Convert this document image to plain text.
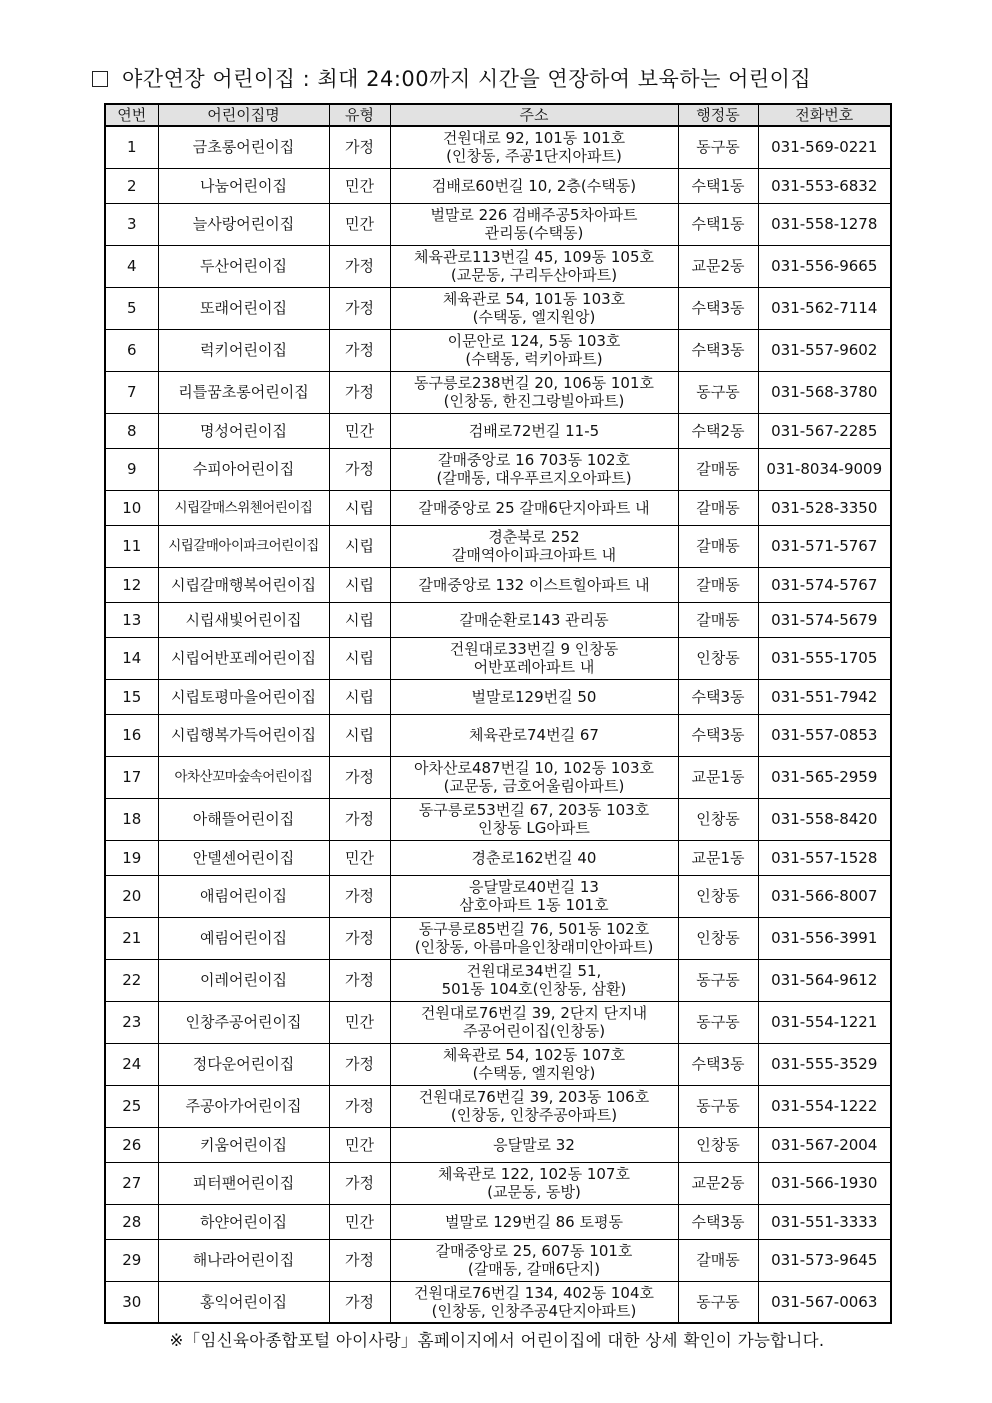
야간연장 어린이집 : 최대 24:00까지 시간을 연장하여 보육하는 어린이집
연번	어린이집명	유형	주소	행정동	전화번호
1	금초롱어린이집	가정	건원대로 92, 101동 101호
(인창동, 주공1단지아파트)	동구동	031-569-0221
2	나눔어린이집	민간	검배로60번길 10, 2층(수택동)	수택1동	031-553-6832
3	늘사랑어린이집	민간	벌말로 226 검배주공5차아파트
관리동(수택동)	수택1동	031-558-1278
4	두산어린이집	가정	체육관로113번길 45, 109동 105호
(교문동, 구리두산아파트)	교문2동	031-556-9665
5	또래어린이집	가정	체육관로 54, 101동 103호
(수택동, 엘지원앙)	수택3동	031-562-7114
6	럭키어린이집	가정	이문안로 124, 5동 103호
(수택동, 럭키아파트)	수택3동	031-557-9602
7	리틀꿈초롱어린이집	가정	동구릉로238번길 20, 106동 101호
(인창동, 한진그랑빌아파트)	동구동	031-568-3780
8	명성어린이집	민간	검배로72번길 11-5	수택2동	031-567-2285
9	수피아어린이집	가정	갈매중앙로 16 703동 102호
(갈매동, 대우푸르지오아파트)	갈매동	031-8034-9009
10	시립갈매스위첸어린이집	시립	갈매중앙로 25 갈매6단지아파트 내	갈매동	031-528-3350
11	시립갈매아이파크어린이집	시립	경춘북로 252
갈매역아이파크아파트 내	갈매동	031-571-5767
12	시립갈매행복어린이집	시립	갈매중앙로 132 이스트힐아파트 내	갈매동	031-574-5767
13	시립새빛어린이집	시립	갈매순환로143 관리동	갈매동	031-574-5679
14	시립어반포레어린이집	시립	건원대로33번길 9 인창동
어반포레아파트 내	인창동	031-555-1705
15	시립토평마을어린이집	시립	벌말로129번길 50	수택3동	031-551-7942
16	시립행복가득어린이집	시립	체육관로74번길 67	수택3동	031-557-0853
17	아차산꼬마숲속어린이집	가정	아차산로487번길 10, 102동 103호
(교문동, 금호어울림아파트)	교문1동	031-565-2959
18	아해뜰어린이집	가정	동구릉로53번길 67, 203동 103호
인창동 LG아파트	인창동	031-558-8420
19	안델센어린이집	민간	경춘로162번길 40	교문1동	031-557-1528
20	애림어린이집	가정	응달말로40번길 13
삼호아파트 1동 101호	인창동	031-566-8007
21	예림어린이집	가정	동구릉로85번길 76, 501동 102호
(인창동, 아름마을인창래미안아파트)	인창동	031-556-3991
22	이레어린이집	가정	건원대로34번길 51,
501동 104호(인창동, 삼환)	동구동	031-564-9612
23	인창주공어린이집	민간	건원대로76번길 39, 2단지 단지내
주공어린이집(인창동)	동구동	031-554-1221
24	정다운어린이집	가정	체육관로 54, 102동 107호
(수택동, 엘지원앙)	수택3동	031-555-3529
25	주공아가어린이집	가정	건원대로76번길 39, 203동 106호
(인창동, 인창주공아파트)	동구동	031-554-1222
26	키움어린이집	민간	응달말로 32	인창동	031-567-2004
27	피터팬어린이집	가정	체육관로 122, 102동 107호
(교문동, 동방)	교문2동	031-566-1930
28	하얀어린이집	민간	벌말로 129번길 86 토평동	수택3동	031-551-3333
29	해나라어린이집	가정	갈매중앙로 25, 607동 101호
(갈매동, 갈매6단지)	갈매동	031-573-9645
30	홍익어린이집	가정	건원대로76번길 134, 402동 104호
(인창동, 인창주공4단지아파트)	동구동	031-567-0063
※「임신육아종합포털 아이사랑」홈페이지에서 어린이집에 대한 상세 확인이 가능합니다.
